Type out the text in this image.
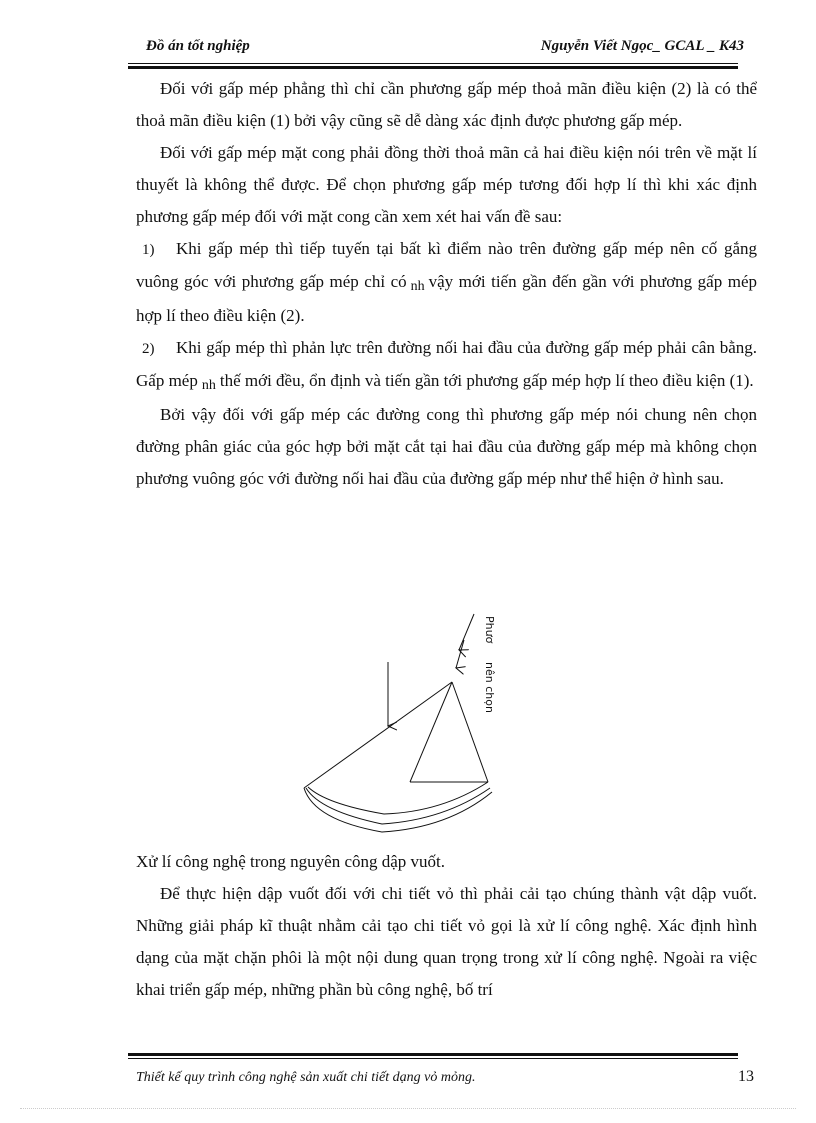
Đồ án tốt nghiệp	Nguyễn Viết Ngọc_ GCAL _ K43

Đối với gấp mép phẳng thì chỉ cần phương gấp mép thoả mãn điều kiện (2) là có thể thoả mãn điều kiện (1) bởi vậy cũng sẽ dễ dàng xác định được phương gấp mép.

Đối với gấp mép mặt cong phải đồng thời thoả mãn cả hai điều kiện nói trên về mặt lí thuyết là không thể được. Để chọn phương gấp mép tương đối hợp lí thì khi xác định phương gấp mép đối với mặt cong cần xem xét hai vấn đề sau:

1) Khi gấp mép thì tiếp tuyến tại bất kì điểm nào trên đường gấp mép nên cố gắng vuông góc với phương gấp mép chỉ có nh vậy mới tiến gần đến gần với phương gấp mép hợp lí theo điều kiện (2).

2) Khi gấp mép thì phản lực trên đường nối hai đầu của đường gấp mép phải cân bằng. Gấp mép nh thế mới đều, ổn định và tiến gần tới phương gấp mép hợp lí theo điều kiện (1).

Bởi vậy đối với gấp mép các đường cong thì phương gấp mép nói chung nên chọn đường phân giác của góc hợp bởi mặt cắt tại hai đầu của đường gấp mép mà không chọn phương vuông góc với đường nối hai đầu của đường gấp mép như thể hiện ở hình sau.

Phươ
nên chọn

Xử lí công nghệ trong nguyên công dập vuốt.

Để thực hiện dập vuốt đối với chi tiết vỏ thì phải cải tạo chúng thành vật dập vuốt. Những giải pháp kĩ thuật nhằm cải tạo chi tiết vỏ gọi là xử lí công nghệ. Xác định hình dạng của mặt chặn phôi là một nội dung quan trọng trong xử lí công nghệ. Ngoài ra việc khai triển gấp mép, những phần bù công nghệ, bố trí

Thiết kế quy trình công nghệ sản xuất chi tiết dạng vỏ mỏng.	13
